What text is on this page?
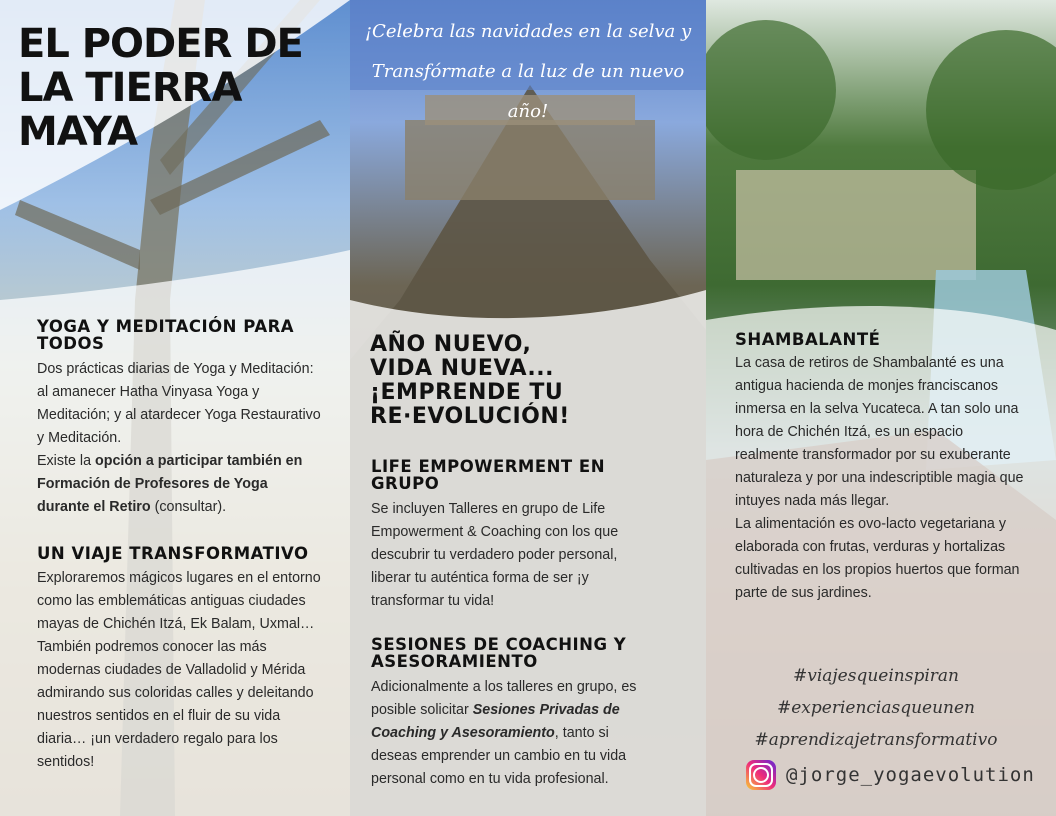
EL PODER DE
LA TIERRA
MAYA
YOGA Y MEDITACIÓN PARA TODOS

Dos prácticas diarias de Yoga y Meditación: al amanecer Hatha Vinyasa Yoga y Meditación; y al atardecer Yoga Restaurativo y Meditación.

Existe la opción a participar también en Formación de Profesores de Yoga durante el Retiro (consultar).

UN VIAJE TRANSFORMATIVO

Exploraremos mágicos lugares en el entorno como las emblemáticas antiguas ciudades mayas de Chichén Itzá, Ek Balam, Uxmal… También podremos conocer las más modernas ciudades de Valladolid y Mérida admirando sus coloridas calles y deleitando nuestros sentidos en el fluir de su vida diaria… ¡un verdadero regalo para los sentidos!

¡Celebra las navidades en la selva y
Transfórmate a la luz de un nuevo año!
AÑO NUEVO,
VIDA NUEVA...
¡EMPRENDE TU
RE·EVOLUCIÓN!
LIFE EMPOWERMENT EN GRUPO

Se incluyen Talleres en grupo de Life Empowerment & Coaching con los que descubrir tu verdadero poder personal, liberar tu auténtica forma de ser ¡y transformar tu vida!

SESIONES DE COACHING Y ASESORAMIENTO

Adicionalmente a los talleres en grupo, es posible solicitar Sesiones Privadas de Coaching y Asesoramiento, tanto si deseas emprender un cambio en tu vida personal como en tu vida profesional.

SHAMBALANTÉ

La casa de retiros de Shambalanté es una antigua hacienda de monjes franciscanos inmersa en la selva Yucateca. A tan solo una hora de Chichén Itzá, es un espacio realmente transformador por su exuberante naturaleza y por una indescriptible magia que intuyes nada más llegar.

La alimentación es ovo-lacto vegetariana y elaborada con frutas, verduras y hortalizas cultivadas en los propios huertos que forman parte de sus jardines.

#viajesqueinspiran
#experienciasqueunen
#aprendizajetransformativo
@jorge_yogaevolution
